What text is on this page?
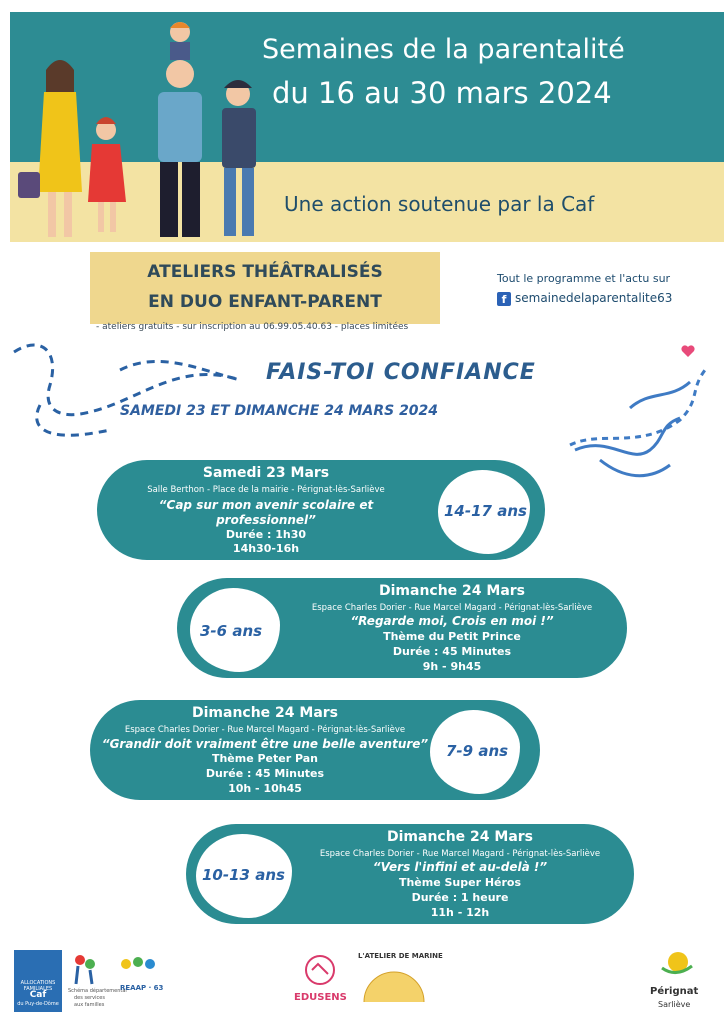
Semaines de la parentalité
du 16 au 30 mars 2024
Une action soutenue par la Caf
ATELIERS THÉÂTRALISÉS
EN DUO ENFANT-PARENT
- ateliers gratuits - sur inscription au 06.99.05.40.63 - places limitées
Tout le programme et l'actu sur
f semainedelaparentalite63
FAIS-TOI CONFIANCE
SAMEDI 23 ET DIMANCHE 24 MARS 2024
Samedi 23 Mars
Salle Berthon - Place de la mairie - Pérignat-lès-Sarliève
“Cap sur mon avenir scolaire et
professionnel”
Durée : 1h30
14h30-16h
14-17 ans
Dimanche 24 Mars
Espace Charles Dorier - Rue Marcel Magard - Pérignat-lès-Sarliève
“Regarde moi, Crois en moi !”
Thème du Petit Prince
Durée : 45 Minutes
9h - 9h45
3-6 ans
Dimanche 24 Mars
Espace Charles Dorier - Rue Marcel Magard - Pérignat-lès-Sarliève
“Grandir doit vraiment être une belle aventure”
Thème Peter Pan
Durée : 45 Minutes
10h - 10h45
7-9 ans
Dimanche 24 Mars
Espace Charles Dorier - Rue Marcel Magard - Pérignat-lès-Sarliève
“Vers l'infini et au-delà !”
Thème Super Héros
Durée : 1 heure
11h - 12h
10-13 ans
ALLOCATIONS FAMILIALES
Caf
du Puy-de-Dôme
Schéma départemental
des services
aux familles
REAAP · 63
EDUSENS
L'ATELIER DE MARINE
Pérignat
Sarliève
